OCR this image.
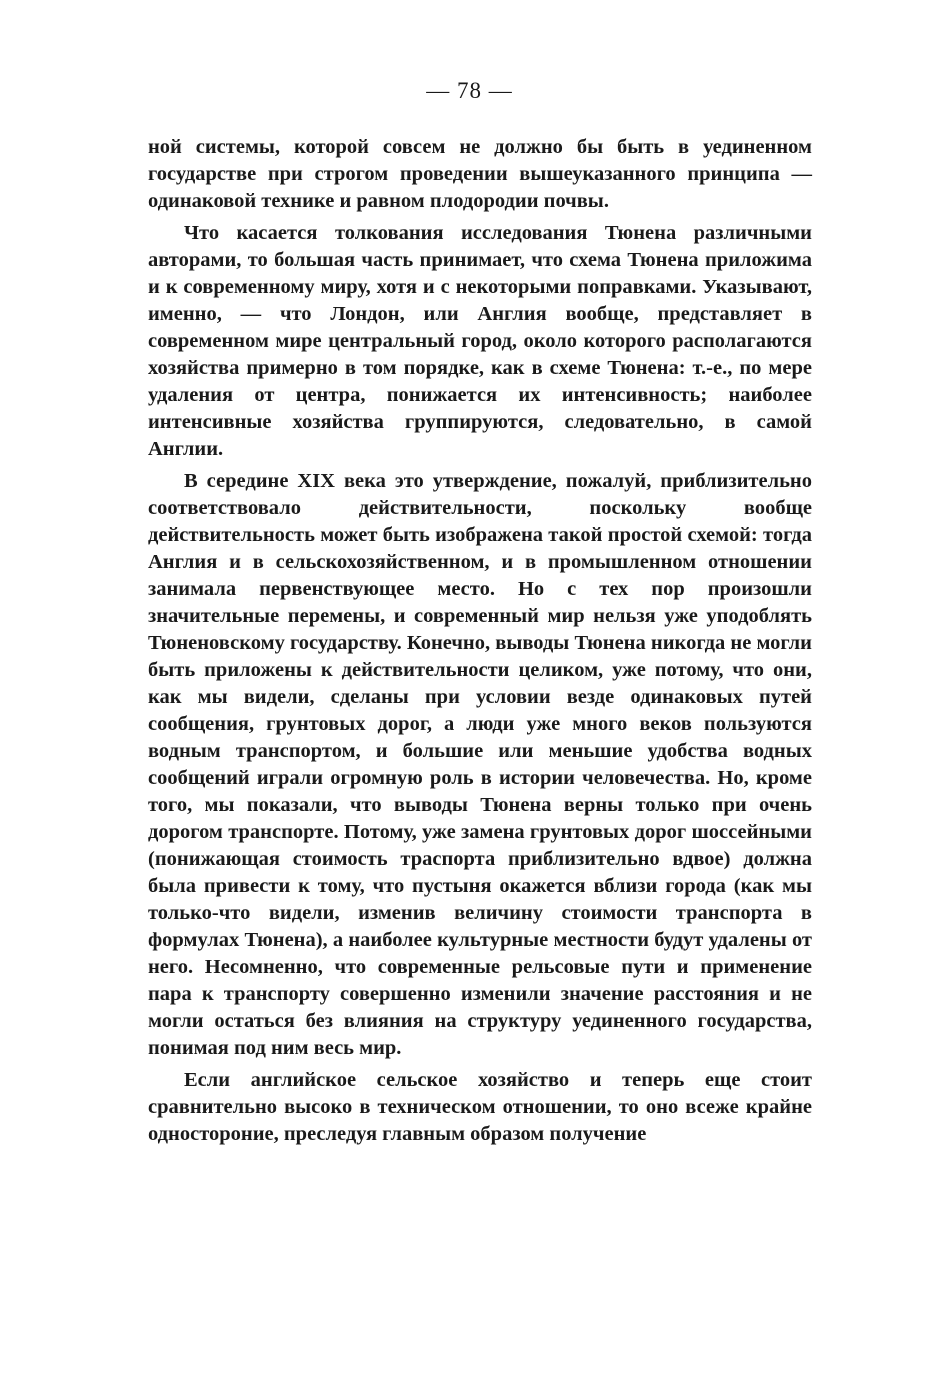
— 78 —

ной системы, которой совсем не должно бы быть в уединенном государстве при строгом проведении вышеуказанного принципа — одинаковой технике и равном плодородии почвы.

Что касается толкования исследования Тюнена различными авторами, то большая часть принимает, что схема Тюнена приложима и к современному миру, хотя и с некоторыми поправками. Указывают, именно, — что Лондон, или Англия вообще, представляет в современном мире центральный город, около которого располагаются хозяйства примерно в том порядке, как в схеме Тюнена: т.-е., по мере удаления от центра, понижается их интенсивность; наиболее интенсивные хозяйства группируются, следовательно, в самой Англии.

В середине XIX века это утверждение, пожалуй, приблизительно соответствовало действительности, поскольку вообще действительность может быть изображена такой простой схемой: тогда Англия и в сельскохозяйственном, и в промышленном отношении занимала первенствующее место. Но с тех пор произошли значительные перемены, и современный мир нельзя уже уподоблять Тюненовскому государству. Конечно, выводы Тюнена никогда не могли быть приложены к действительности целиком, уже потому, что они, как мы видели, сделаны при условии везде одинаковых путей сообщения, грунтовых дорог, а люди уже много веков пользуются водным транспортом, и большие или меньшие удобства водных сообщений играли огромную роль в истории человечества. Но, кроме того, мы показали, что выводы Тюнена верны только при очень дорогом транспорте. Потому, уже замена грунтовых дорог шоссейными (понижающая стоимость траспорта приблизительно вдвое) должна была привести к тому, что пустыня окажется вблизи города (как мы только-что видели, изменив величину стоимости транспорта в формулах Тюнена), а наиболее культурные местности будут удалены от него. Несомненно, что современные рельсовые пути и применение пара к транспорту совершенно изменили значение расстояния и не могли остаться без влияния на структуру уединенного государства, понимая под ним весь мир.

Если английское сельское хозяйство и теперь еще стоит сравнительно высоко в техническом отношении, то оно всеже крайне одностороние, преследуя главным образом получение
